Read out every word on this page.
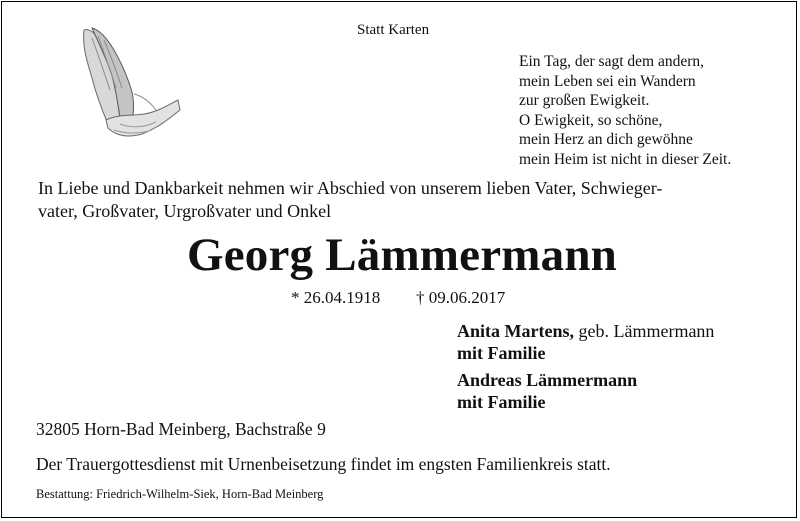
Statt Karten
Ein Tag, der sagt dem andern,
mein Leben sei ein Wandern
zur großen Ewigkeit.
O Ewigkeit, so schöne,
mein Herz an dich gewöhne
mein Heim ist nicht in dieser Zeit.
In Liebe und Dankbarkeit nehmen wir Abschied von unserem lieben Vater, Schwieger-
vater, Großvater, Urgroßvater und Onkel
Georg Lämmermann
* 26.04.1918 † 09.06.2017
Anita Martens, geb. Lämmermann
mit Familie
Andreas Lämmermann
mit Familie
32805 Horn-Bad Meinberg, Bachstraße 9
Der Trauergottesdienst mit Urnenbeisetzung findet im engsten Familienkreis statt.
Bestattung: Friedrich-Wilhelm-Siek, Horn-Bad Meinberg
